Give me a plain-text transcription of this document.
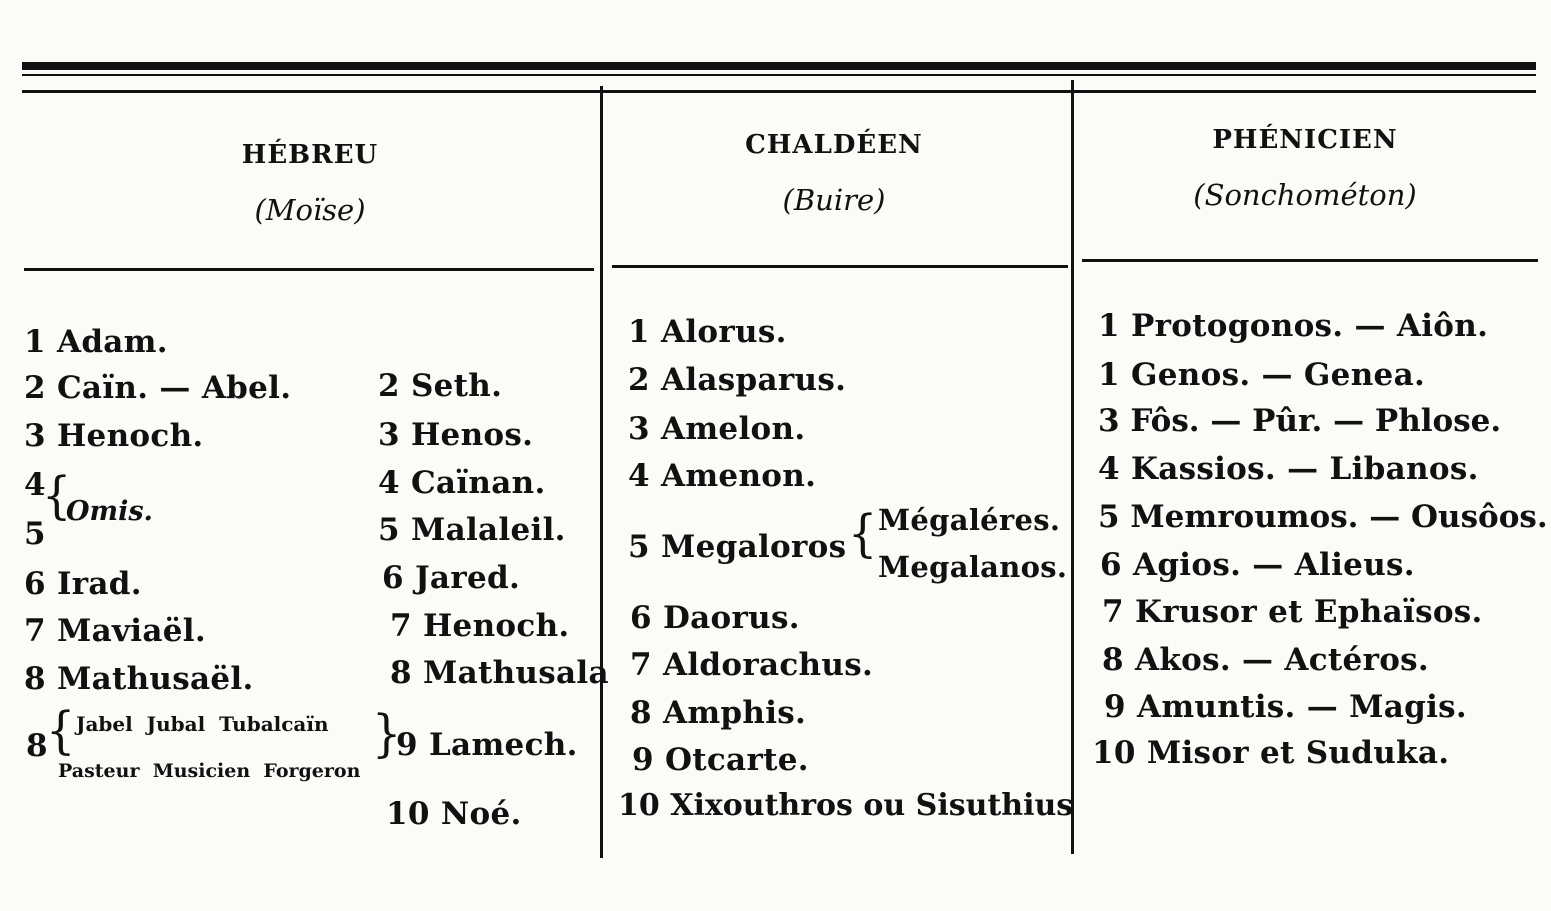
HÉBREU
(Moïse)
CHALDÉEN
(Buire)
PHÉNICIEN
(Sonchométon)
1 Adam.
2 Caïn. — Abel.
3 Henoch.
4
5
{
Omis.
6 Irad.
7 Maviaël.
8 Mathusaël.
8
{ Jabel  Jubal  Tubalcaïn
Pasteur  Musicien  Forgeron
}
2 Seth.
3 Henos.
4 Caïnan.
5 Malaleil.
6 Jared.
7 Henoch.
8 Mathusala
9 Lamech.
10 Noé.
1 Alorus.
2 Alasparus.
3 Amelon.
4 Amenon.
5 Megaloros { Mégaléres.
Megalanos.
6 Daorus.
7 Aldorachus.
8 Amphis.
9 Otcarte.
10 Xixouthros ou Sisuthius
1 Protogonos. — Aiôn.
1 Genos. — Genea.
3 Fôs. — Pûr. — Phlose.
4 Kassios. — Libanos.
5 Memroumos. — Ousôos.
6 Agios. — Alieus.
7 Krusor et Ephaïsos.
8 Akos. — Actéros.
9 Amuntis. — Magis.
10 Misor et Suduka.
